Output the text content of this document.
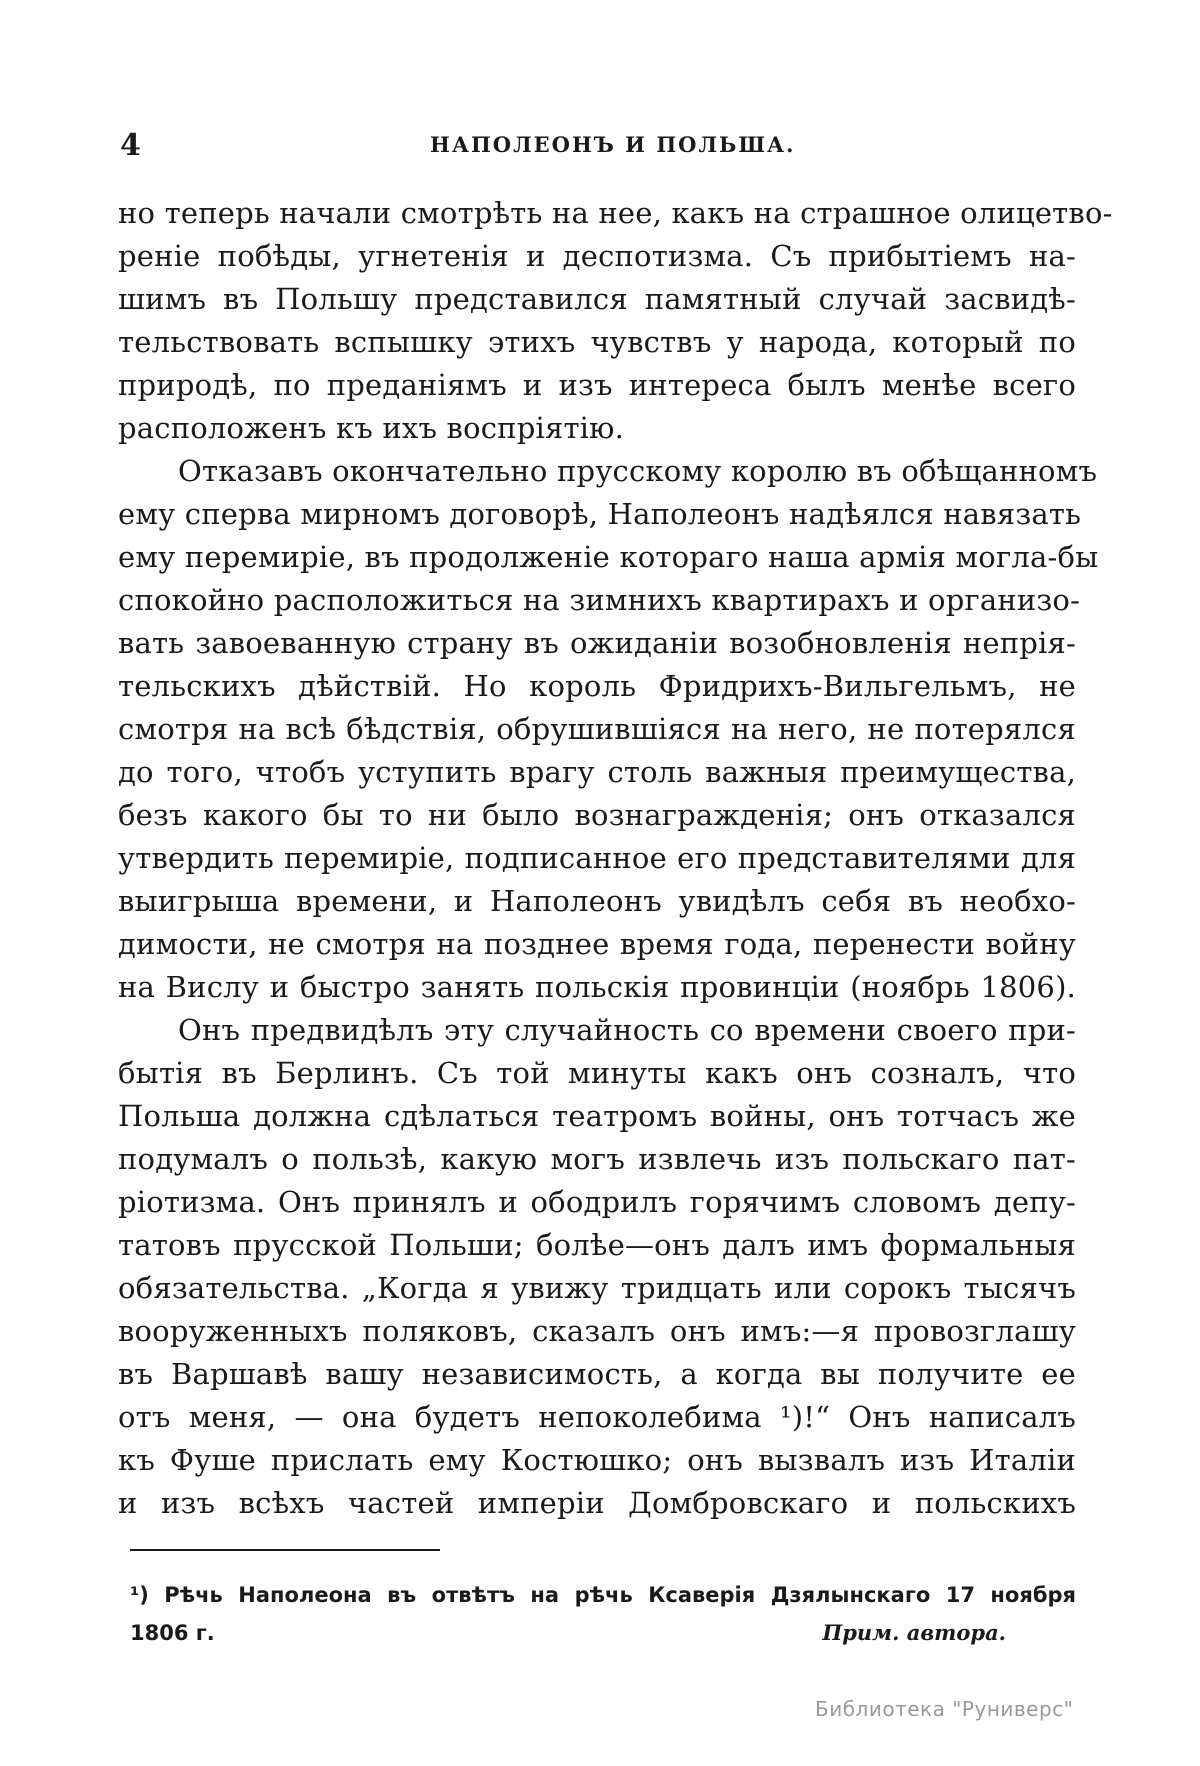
4	НАПОЛЕОНЪ И ПОЛЬША.
но теперь начали смотрѣть на нее, какъ на страшное олицетво-
реніе побѣды, угнетенія и деспотизма. Съ прибытіемъ на-
шимъ въ Польшу представился памятный случай засвидѣ-
тельствовать вспышку этихъ чувствъ у народа, который по
природѣ, по преданіямъ и изъ интереса былъ менѣе всего
расположенъ къ ихъ воспріятію.
Отказавъ окончательно прусскому королю въ обѣщанномъ
ему сперва мирномъ договорѣ, Наполеонъ надѣялся навязать
ему перемиріе, въ продолженіе котораго наша армія могла-бы
спокойно расположиться на зимнихъ квартирахъ и организо-
вать завоеванную страну въ ожиданіи возобновленія непрія-
тельскихъ дѣйствій. Но король Фридрихъ-Вильгельмъ, не
смотря на всѣ бѣдствія, обрушившіяся на него, не потерялся
до того, чтобъ уступить врагу столь важныя преимущества,
безъ какого бы то ни было вознагражденія; онъ отказался
утвердить перемиріе, подписанное его представителями для
выигрыша времени, и Наполеонъ увидѣлъ себя въ необхо-
димости, не смотря на позднее время года, перенести войну
на Вислу и быстро занять польскія провинціи (ноябрь 1806).
Онъ предвидѣлъ эту случайность со времени своего при-
бытія въ Берлинъ. Съ той минуты какъ онъ созналъ, что
Польша должна сдѣлаться театромъ войны, онъ тотчасъ же
подумалъ о пользѣ, какую могъ извлечь изъ польскаго пат-
ріотизма. Онъ принялъ и ободрилъ горячимъ словомъ депу-
татовъ прусской Польши; болѣе—онъ далъ имъ формальныя
обязательства. „Когда я увижу тридцать или сорокъ тысячъ
вооруженныхъ поляковъ, сказалъ онъ имъ:—я провозглашу
въ Варшавѣ вашу независимость, а когда вы получите ее
отъ меня, — она будетъ непоколебима ¹)!“ Онъ написалъ
къ Фуше прислать ему Костюшко; онъ вызвалъ изъ Италіи
и изъ всѣхъ частей имперіи Домбровскаго и польскихъ
¹) Рѣчь Наполеона въ отвѣтъ на рѣчь Ксаверія Дзялынскаго 17 ноября
1806 г.	Прим. автора.
Библиотека "Руниверс"
